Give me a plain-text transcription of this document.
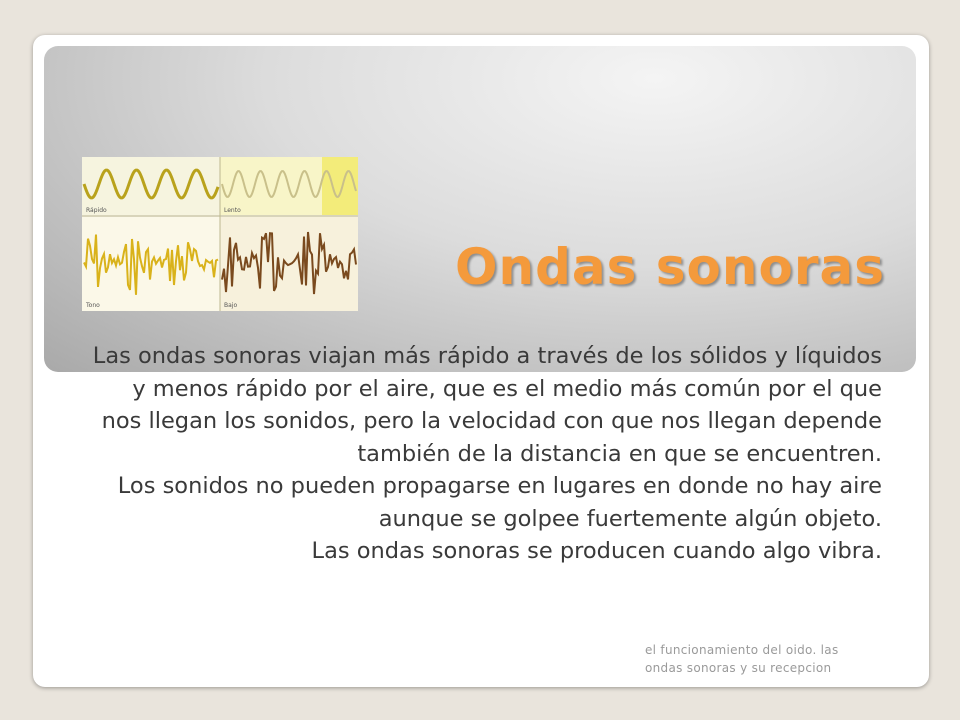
Rápido	Lento
Tono	Bajo
Ondas sonoras

Las ondas sonoras viajan más rápido a través de los sólidos y líquidos y menos rápido por el aire, que es el medio más común por el que nos llegan los sonidos, pero la velocidad con que nos llegan depende también de la distancia en que se encuentren.

Los sonidos no pueden propagarse en lugares en donde no hay aire aunque se golpee fuertemente algún objeto.

Las ondas sonoras se producen cuando algo vibra.

el funcionamiento del oido. las ondas sonoras y su recepcion
